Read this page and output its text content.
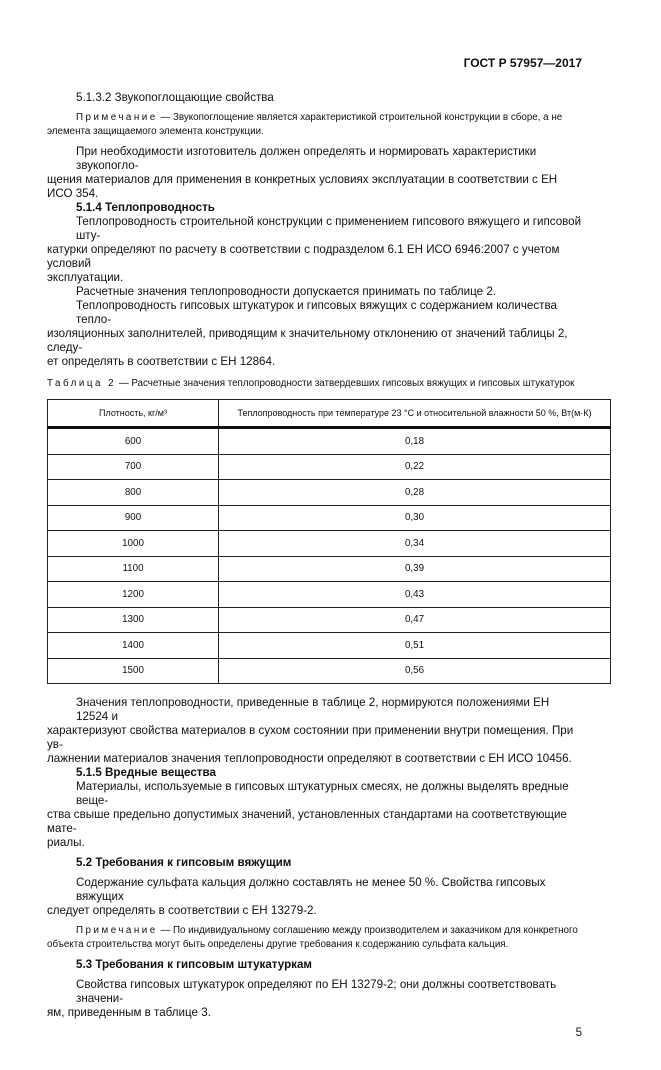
ГОСТ Р 57957—2017
5.1.3.2 Звукопоглощающие свойства
Примечание — Звукопоглощение является характеристикой строительной конструкции в сборе, а не
элемента защищаемого элемента конструкции.
При необходимости изготовитель должен определять и нормировать характеристики звукопогло-
щения материалов для применения в конкретных условиях эксплуатации в соответствии с ЕН ИСО 354.
5.1.4 Теплопроводность
Теплопроводность строительной конструкции с применением гипсового вяжущего и гипсовой шту-
катурки определяют по расчету в соответствии с подразделом 6.1 ЕН ИСО 6946:2007 с учетом условий
эксплуатации.
Расчетные значения теплопроводности допускается принимать по таблице 2.
Теплопроводность гипсовых штукатурок и гипсовых вяжущих с содержанием количества тепло-
изоляционных заполнителей, приводящим к значительному отклонению от значений таблицы 2, следу-
ет определять в соответствии с ЕН 12864.
Таблица 2 — Расчетные значения теплопроводности затвердевших гипсовых вяжущих и гипсовых штукатурок
Плотность, кг/м³	Теплопроводность при температуре 23 °С и относительной влажности 50 %, Вт(м·К)
600	0,18
700	0,22
800	0,28
900	0,30
1000	0,34
1100	0,39
1200	0,43
1300	0,47
1400	0,51
1500	0,56
Значения теплопроводности, приведенные в таблице 2, нормируются положениями ЕН 12524 и
характеризуют свойства материалов в сухом состоянии при применении внутри помещения. При ув-
лажнении материалов значения теплопроводности определяют в соответствии с ЕН ИСО 10456.
5.1.5 Вредные вещества
Материалы, используемые в гипсовых штукатурных смесях, не должны выделять вредные веще-
ства свыше предельно допустимых значений, установленных стандартами на соответствующие мате-
риалы.
5.2 Требования к гипсовым вяжущим
Содержание сульфата кальция должно составлять не менее 50 %. Свойства гипсовых вяжущих
следует определять в соответствии с ЕН 13279-2.
Примечание — По индивидуальному соглашению между производителем и заказчиком для конкретного
объекта строительства могут быть определены другие требования к содержанию сульфата кальция.
5.3 Требования к гипсовым штукатуркам
Свойства гипсовых штукатурок определяют по ЕН 13279-2; они должны соответствовать значени-
ям, приведенным в таблице 3.
5
